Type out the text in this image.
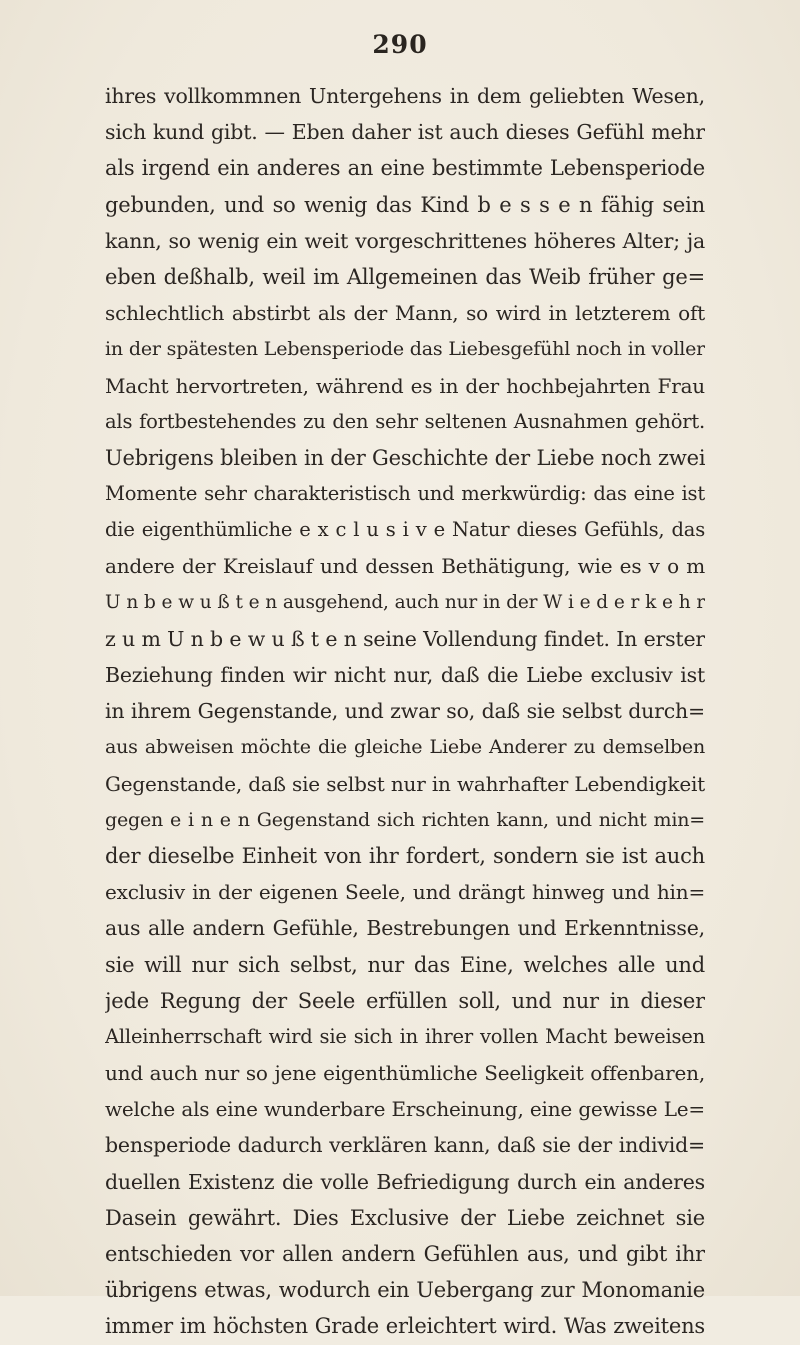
290
ihres vollkommnen Untergehens in dem geliebten Wesen,
sich kund gibt. — Eben daher ist auch dieses Gefühl mehr
als irgend ein anderes an eine bestimmte Lebensperiode
gebunden, und so wenig das Kind b e s s e n fähig sein
kann, so wenig ein weit vorgeschrittenes höheres Alter; ja
eben deßhalb, weil im Allgemeinen das Weib früher ge=
schlechtlich abstirbt als der Mann, so wird in letzterem oft
in der spätesten Lebensperiode das Liebesgefühl noch in voller
Macht hervortreten, während es in der hochbejahrten Frau
als fortbestehendes zu den sehr seltenen Ausnahmen gehört.
Uebrigens bleiben in der Geschichte der Liebe noch zwei
Momente sehr charakteristisch und merkwürdig: das eine ist
die eigenthümliche e x c l u s i v e Natur dieses Gefühls, das
andere der Kreislauf und dessen Bethätigung, wie es v o m
U n b e w u ß t e n ausgehend, auch nur in der W i e d e r k e h r
z u m U n b e w u ß t e n seine Vollendung findet. In erster
Beziehung finden wir nicht nur, daß die Liebe exclusiv ist
in ihrem Gegenstande, und zwar so, daß sie selbst durch=
aus abweisen möchte die gleiche Liebe Anderer zu demselben
Gegenstande, daß sie selbst nur in wahrhafter Lebendigkeit
gegen e i n e n Gegenstand sich richten kann, und nicht min=
der dieselbe Einheit von ihr fordert, sondern sie ist auch
exclusiv in der eigenen Seele, und drängt hinweg und hin=
aus alle andern Gefühle, Bestrebungen und Erkenntnisse,
sie will nur sich selbst, nur das Eine, welches alle und
jede Regung der Seele erfüllen soll, und nur in dieser
Alleinherrschaft wird sie sich in ihrer vollen Macht beweisen
und auch nur so jene eigenthümliche Seeligkeit offenbaren,
welche als eine wunderbare Erscheinung, eine gewisse Le=
bensperiode dadurch verklären kann, daß sie der individ=
duellen Existenz die volle Befriedigung durch ein anderes
Dasein gewährt. Dies Exclusive der Liebe zeichnet sie
entschieden vor allen andern Gefühlen aus, und gibt ihr
übrigens etwas, wodurch ein Uebergang zur Monomanie
immer im höchsten Grade erleichtert wird. Was zweitens
